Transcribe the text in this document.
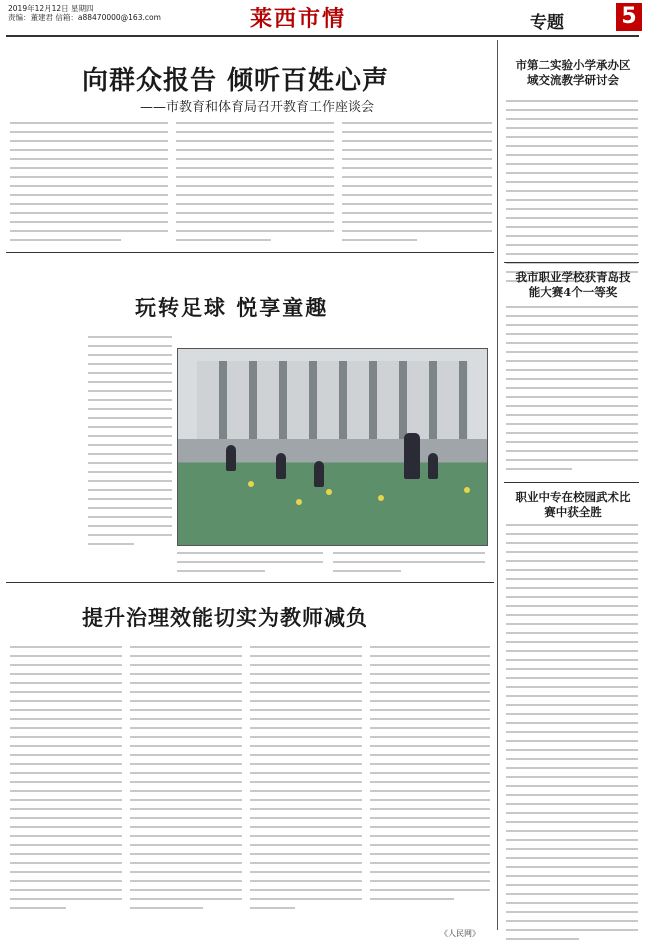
2019年12月12日 星期四
责编：董建君 信箱：a88470000@163.com	莱西市情	专题	5
向群众报告 倾听百姓心声
——市教育和体育局召开教育工作座谈会
玩转足球 悦享童趣
提升治理效能切实为教师减负
市第二实验小学承办区域交流教学研讨会
我市职业学校获青岛技能大赛4个一等奖
职业中专在校园武术比赛中获全胜
《人民网》
